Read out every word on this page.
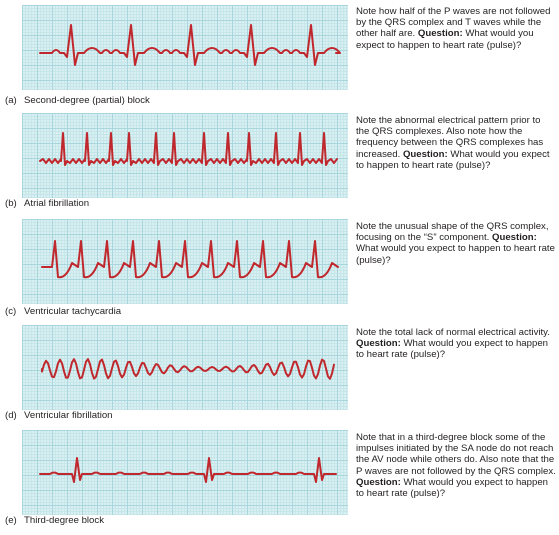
(a) Second-degree (partial) block
Note how half of the P waves are not followed by the QRS complex and T waves while the other half are. Question: What would you expect to happen to heart rate (pulse)?
(b) Atrial fibrillation
Note the abnormal electrical pattern prior to the QRS complexes. Also note how the frequency between the QRS complexes has increased. Question: What would you expect to happen to heart rate (pulse)?
(c) Ventricular tachycardia
Note the unusual shape of the QRS complex, focusing on the “S” component. Question: What would you expect to happen to heart rate (pulse)?
(d) Ventricular fibrillation
Note the total lack of normal electrical activity. Question: What would you expect to happen to heart rate (pulse)?
(e) Third-degree block
Note that in a third-degree block some of the impulses initiated by the SA node do not reach the AV node while others do. Also note that the P waves are not followed by the QRS complex. Question: What would you expect to happen to heart rate (pulse)?
